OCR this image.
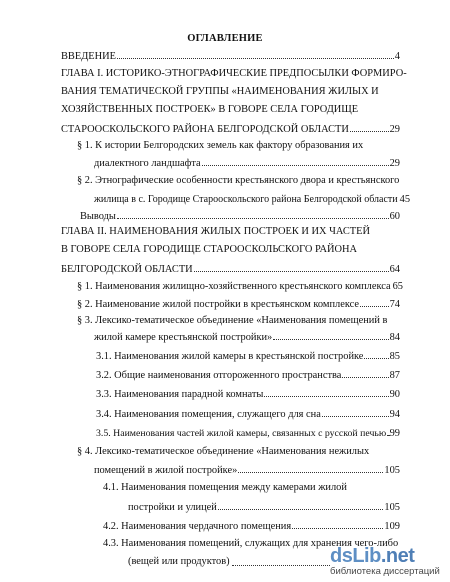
ОГЛАВЛЕНИЕ
ВВЕДЕНИЕ	4
ГЛАВА I. ИСТОРИКО-ЭТНОГРАФИЧЕСКИЕ ПРЕДПОСЫЛКИ ФОРМИРО-
ВАНИЯ ТЕМАТИЧЕСКОЙ ГРУППЫ «НАИМЕНОВАНИЯ ЖИЛЫХ И
ХОЗЯЙСТВЕННЫХ ПОСТРОЕК» В ГОВОРЕ СЕЛА ГОРОДИЩЕ
СТАРООСКОЛЬСКОГО РАЙОНА БЕЛГОРОДСКОЙ ОБЛАСТИ	29
§ 1. К истории Белгородских земель как фактору образования их
диалектного ландшафта	29
§ 2. Этнографические особенности крестьянского двора и крестьянского
жилища в с. Городище Старооскольского района Белгородской области 45
Выводы	60
ГЛАВА II. НАИМЕНОВАНИЯ ЖИЛЫХ ПОСТРОЕК И ИХ ЧАСТЕЙ
В ГОВОРЕ СЕЛА ГОРОДИЩЕ СТАРООСКОЛЬСКОГО РАЙОНА
БЕЛГОРОДСКОЙ ОБЛАСТИ	64
§ 1. Наименования жилищно-хозяйственного крестьянского комплекса 65
§ 2. Наименование жилой постройки в крестьянском комплексе	74
§ 3. Лексико-тематическое объединение «Наименования помещений в
жилой камере крестьянской постройки»	84
3.1. Наименования жилой камеры в крестьянской постройке	85
3.2. Общие наименования отгороженного пространства	87
3.3. Наименования парадной комнаты	90
3.4. Наименования помещения, служащего для сна	94
3.5. Наименования частей жилой камеры, связанных с русской печью 99
§ 4. Лексико-тематическое объединение «Наименования нежилых
помещений в жилой постройке»	105
4.1. Наименования помещения между камерами жилой
постройки и улицей	105
4.2. Наименования чердачного помещения	109
4.3. Наименования помещений, служащих для хранения чего-либо
(вещей или продуктов)	dsLib.net
библиотека диссертаций
